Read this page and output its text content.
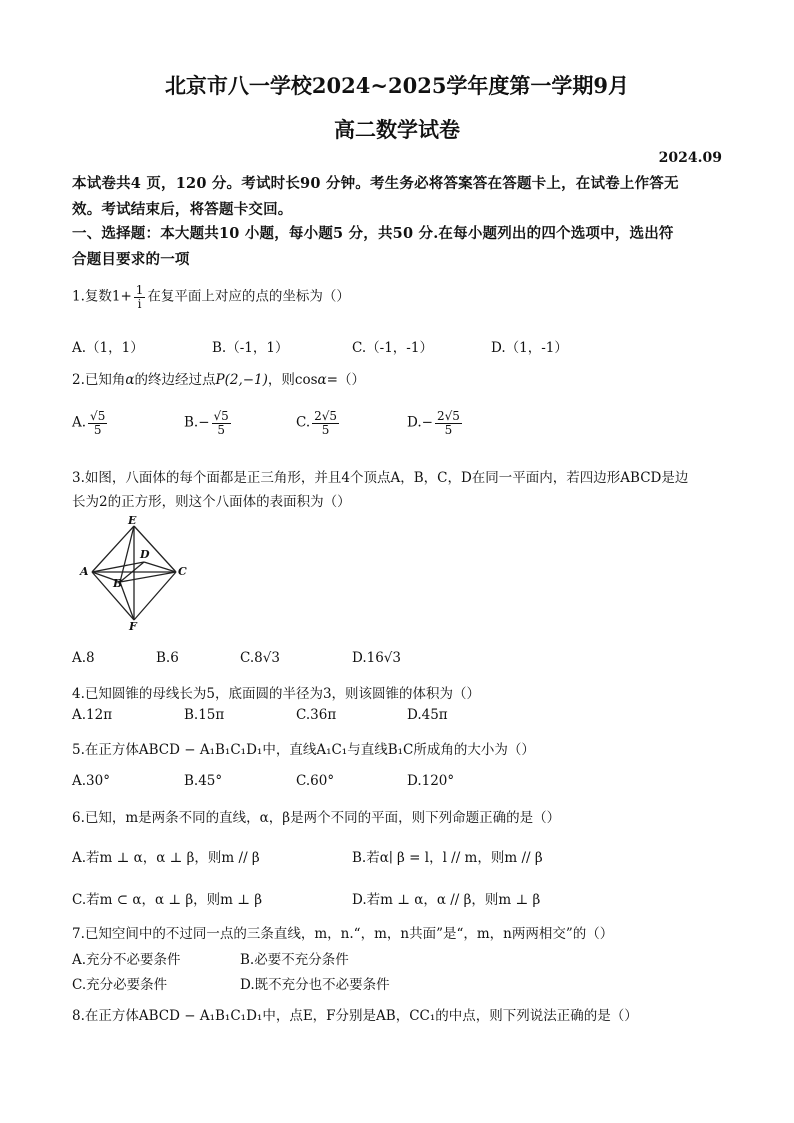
北京市八一学校2024~2025学年度第一学期9月
高二数学试卷
2024.09
本试卷共4 页，120 分。考试时长90 分钟。考生务必将答案答在答题卡上，在试卷上作答无
效。考试结束后，将答题卡交回。
一、选择题：本大题共10 小题，每小题5 分，共50 分.在每小题列出的四个选项中，选出符
合题目要求的一项
1.复数$1+ \frac{1}{i}$ 在复平面上对应的点的坐标为（）
A.（1，1）	B.（-1，1）	C.（-1，-1）	D.（1，-1）
2.已知角α的终边经过点P(2,−1)，则cosα=（）
A. $\frac{√5}{5}$	$B.- \frac{√5}{5}$	C. $\frac{2√5}{5}$	$D.- \frac{2√5}{5}$
3.如图，八面体的每个面都是正三角形，并且4个顶点A，B，C，D在同一平面内，若四边形ABCD是边
长为2的正方形，则这个八面体的表面积为（）
E
D
A
B
C
F
A.8	B.6	C.8√3	D.16√3
4.已知圆锥的母线长为5，底面圆的半径为3，则该圆锥的体积为（）
A.12π	B.15π	C.36π	D.45π
5.在正方体ABCD − A₁B₁C₁D₁中，直线A₁C₁与直线B₁C所成角的大小为（）
A.30°	B.45°	C.60°	D.120°
6.已知，m是两条不同的直线，α，β是两个不同的平面，则下列命题正确的是（）
A.若m ⊥ α，α ⊥ β，则m // β	B.若α∣ β = l，l // m，则m // β
C.若m ⊂ α，α ⊥ β，则m ⊥ β	D.若m ⊥ α，α // β，则m ⊥ β
7.已知空间中的不过同一点的三条直线，m，n.“，m，n共面”是“，m，n两两相交”的（）
A.充分不必要条件	B.必要不充分条件
C.充分必要条件	D.既不充分也不必要条件
8.在正方体ABCD − A₁B₁C₁D₁中，点E，F分别是AB，CC₁的中点，则下列说法正确的是（）
